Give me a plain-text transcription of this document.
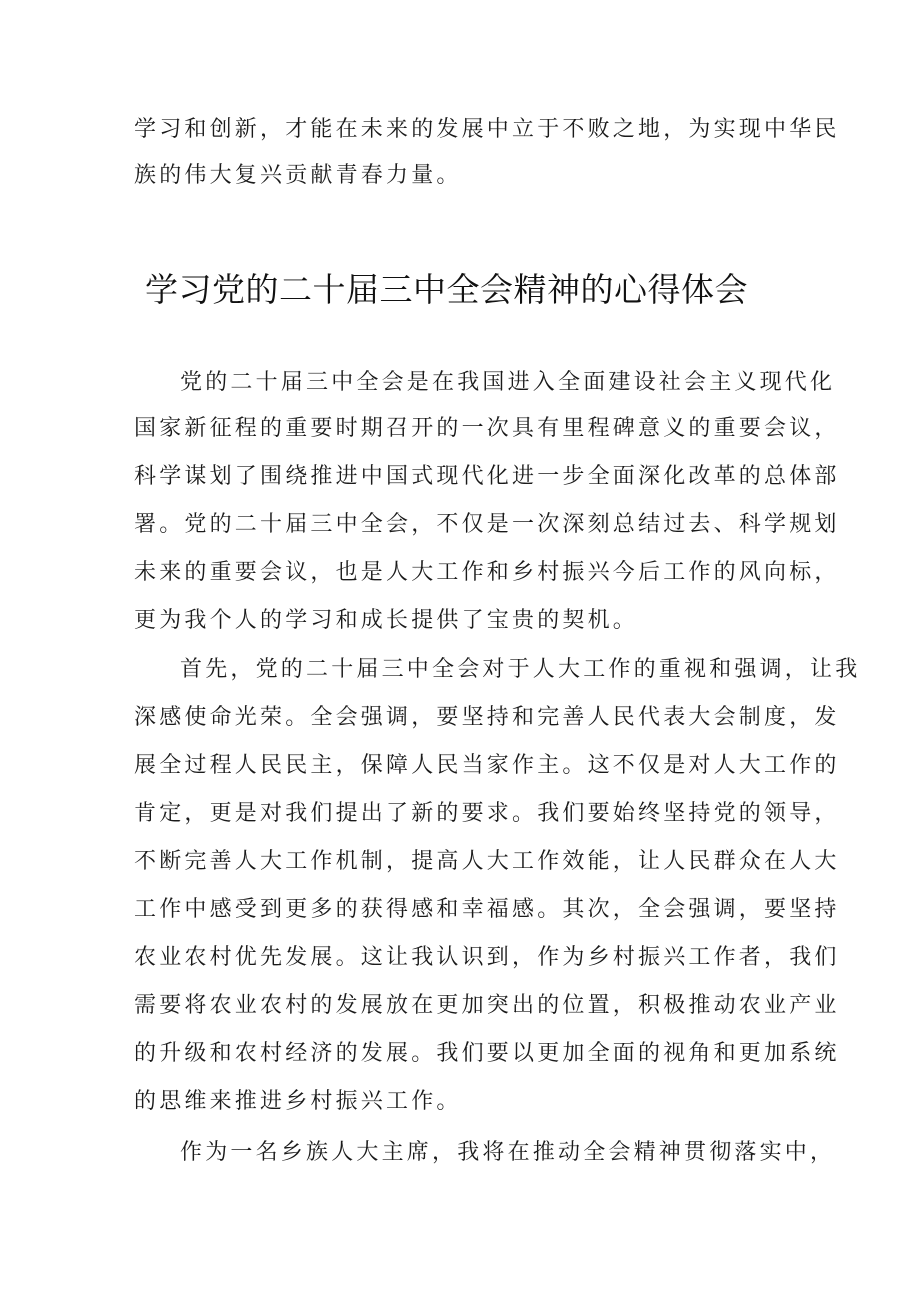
学习和创新，才能在未来的发展中立于不败之地，为实现中华民
族的伟大复兴贡献青春力量。
学习党的二十届三中全会精神的心得体会
党的二十届三中全会是在我国进入全面建设社会主义现代化
国家新征程的重要时期召开的一次具有里程碑意义的重要会议，
科学谋划了围绕推进中国式现代化进一步全面深化改革的总体部
署。党的二十届三中全会，不仅是一次深刻总结过去、科学规划
未来的重要会议，也是人大工作和乡村振兴今后工作的风向标，
更为我个人的学习和成长提供了宝贵的契机。
首先，党的二十届三中全会对于人大工作的重视和强调，让我
深感使命光荣。全会强调，要坚持和完善人民代表大会制度，发
展全过程人民民主，保障人民当家作主。这不仅是对人大工作的
肯定，更是对我们提出了新的要求。我们要始终坚持党的领导，
不断完善人大工作机制，提高人大工作效能，让人民群众在人大
工作中感受到更多的获得感和幸福感。其次，全会强调，要坚持
农业农村优先发展。这让我认识到，作为乡村振兴工作者，我们
需要将农业农村的发展放在更加突出的位置，积极推动农业产业
的升级和农村经济的发展。我们要以更加全面的视角和更加系统
的思维来推进乡村振兴工作。
作为一名乡族人大主席，我将在推动全会精神贯彻落实中，
